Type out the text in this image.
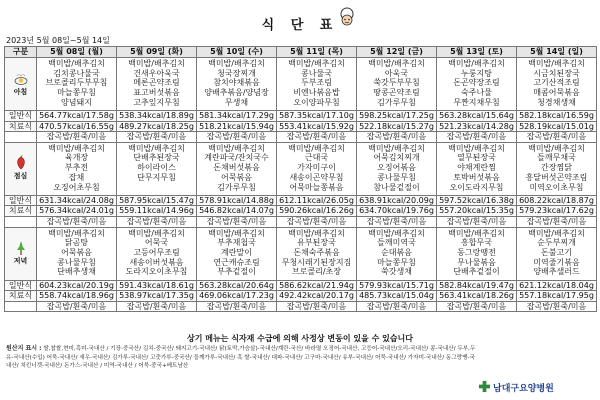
식 단 표
2023년 5월 08일~5월 14일
구분	5월 08일 (월)	5월 09일 (화)	5월 10일 (수)	5월 11일 (목)	5월 12일 (금)	5월 13일 (토)	5월 14일 (일)

아침	백미밥/배추김치
김치콩나물국
브로콜리두부무침
마늘쫑무침
양념돼지	백미밥/배추김치
건새우아욱국
메론곤약조림
표고버섯볶음
고추잎지무침	백미밥/배추김치
청국장찌개
참치야채볶음
양배추볶음/양념장
무생채	백미밥/배추김치
콩나물국
두부조림
비엔나볶음밥
오이양파무침	백미밥/배추김치
아욱국
쑥갓두부무침
땅콩곤약조림
김가루무침	백미밥/배추김치
누룽지탕
돈곤약장조림
숙주나물
무짠지채무침	백미밥/배추김치
시금치된장국
고기산적조림
매콤어묵볶음
청경채생채

일반식	564.77kcal/17.58g	538.34kcal/18.89g	581.34kcal/17.29g	587.35kcal/17.10g	598.25kcal/17.25g	563.28kcal/15.64g	582.18kcal/16.59g
치료식	470.57kcal/16.55g	489.27kcal/18.25g	518.21kcal/15.94g	553.41kcal/15.92g	522.18kcal/15.27g	521.23kcal/14.28g	528.19kcal/15.01g
	잡곡밥/흰죽/미음	잡곡밥/흰죽/미음	잡곡밥/흰죽/미음	잡곡밥/흰죽/미음	잡곡밥/흰죽/미음	잡곡밥/흰죽/미음	잡곡밥/흰죽/미음

점심	백미밥/배추김치
육개장
부추전
잡채
오징어초무침	백미밥/배추김치
단배추된장국
하이라이스
단무지무침	백미밥/배추김치
계란파국/잔치국수
돈채버섯볶음
어묵볶음
김가루무침	백미밥/배추김치
근대국
가자미구이
새송이곤약무침
어묵마늘쫑볶음	백미밥/배추김치
어묵김치찌개
오징어볶음
콩나물무침
참나물겉절이	백미밥/배추김치
열무된장국
야채계란찜
토박버섯볶음
오이도라지무침	백미밥/배추김치
들깨무채국
간장찜닭
흥달버섯곤약조림
미역오이초무침

일반식	631.34kcal/24.08g	587.95kcal/15.47g	578.91kcal/14.88g	612.11kcal/26.05g	638.91kcal/20.09g	597.52kcal/16.38g	608.22kcal/18.87g
치료식	576.34kcal/24.01g	559.11kcal/14.96g	546.82kcal/14.07g	590.26kcal/16.26g	634.70kcal/19.76g	557.20kcal/15.35g	579.23kcal/17.62g
	잡곡밥/흰죽/미음	잡곡밥/흰죽/미음	잡곡밥/흰죽/미음	잡곡밥/흰죽/미음	잡곡밥/흰죽/미음	잡곡밥/흰죽/미음	잡곡밥/흰죽/미음

저녁	백미밥/배추김치
닭곰탕
어묵볶음
콩나물무침
단배추생채	백미밥/배추김치
어묵국
고등어무조림
새송이버섯볶음
도라지오이초무침	백미밥/배추김치
부추재첩국
계란말이
연근캐슈조림
부추겉절이	백미밥/배추김치
유부된장국
돈채숙주볶음
무청시래기된장지짐
브로콜리/초장	백미밥/배추김치
들깨미역국
순대볶음
마늘쫑무침
쑥갓생채	백미밥/배추김치
흥합무국
동그랑땡전
무나물볶음
단배추겉절이	백미밥/배추김치
순두부찌개
돈불고기
미역줄기볶음
양배추샐러드

일반식	604.23kcal/20.19g	591.43kcal/18.61g	563.28kcal/20.64g	586.62kcal/21.94g	579.93kcal/15.71g	582.84kcal/19.47g	621.12kcal/18.04g
치료식	558.74kcal/18.96g	538.97kcal/17.35g	469.06kcal/17.23g	492.42kcal/20.17g	485.73kcal/15.04g	563.41kcal/18.26g	557.18kcal/17.95g
	잡곡밥/흰죽/미음	잡곡밥/흰죽/미음	잡곡밥/흰죽/미음	잡곡밥/흰죽/미음	잡곡밥/흰죽/미음	잡곡밥/흰죽/미음	잡곡밥/흰죽/미음
상기 메뉴는 식자재 수급에 의해 사정상 변동이 있을 수 있습니다
원산지 표시 : 쌀,찹쌀,현미,흑미-국내산 / 기장-중국산/ 김치-중국산/ 돼지고기-국내산/ 닭(토막,가슴살)-국내산/계란-국산/ 바라멸 오징어-국내산, 고등어-국내산/오리-국내산/ 콩-국내산/ 두부,두유-국내산(수입) 어묵-국내산/ 새우-국내산/ 김가루-국내산/ 고춧가루-중국산/ 들깨가루-국내산/ 흑 쌀-국내산/ 대파-국내산/ 고구마-국내산/ 유부-국내산/ 어묵-국내산/ 가자미-국내산/ 동그랑땡-국내산/ 치킨너겟-국내산/ 돈가스-국내산 / 미역-국내산 / 어묵-중국+베트남산
남대구요양병원
